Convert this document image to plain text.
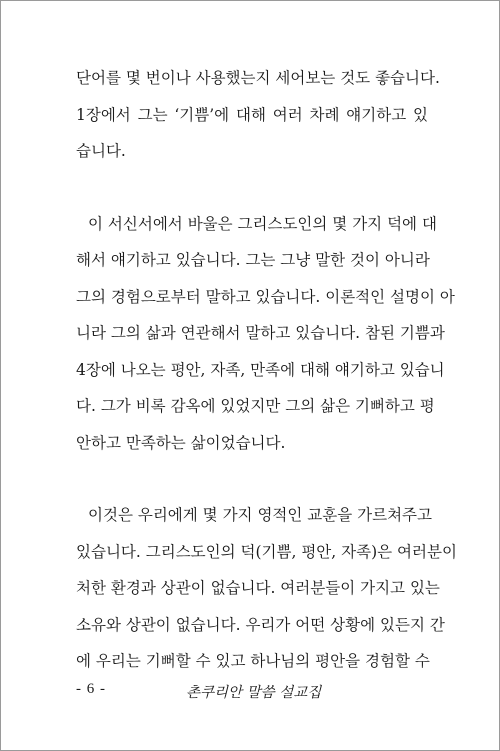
단어를 몇 번이나 사용했는지 세어보는 것도 좋습니다.
1장에서 그는 ‘기쁨’에 대해 여러 차례 얘기하고 있
습니다.

이 서신서에서 바울은 그리스도인의 몇 가지 덕에 대
해서 얘기하고 있습니다. 그는 그냥 말한 것이 아니라
그의 경험으로부터 말하고 있습니다. 이론적인 설명이 아
니라 그의 삶과 연관해서 말하고 있습니다. 참된 기쁨과
4장에 나오는 평안, 자족, 만족에 대해 얘기하고 있습니
다. 그가 비록 감옥에 있었지만 그의 삶은 기뻐하고 평
안하고 만족하는 삶이었습니다.

이것은 우리에게 몇 가지 영적인 교훈을 가르쳐주고
있습니다. 그리스도인의 덕(기쁨, 평안, 자족)은 여러분이
처한 환경과 상관이 없습니다. 여러분들이 가지고 있는
소유와 상관이 없습니다. 우리가 어떤 상황에 있든지 간
에 우리는 기뻐할 수 있고 하나님의 평안을 경험할 수

- 6 -	촌쿠리안 말씀 설교집
